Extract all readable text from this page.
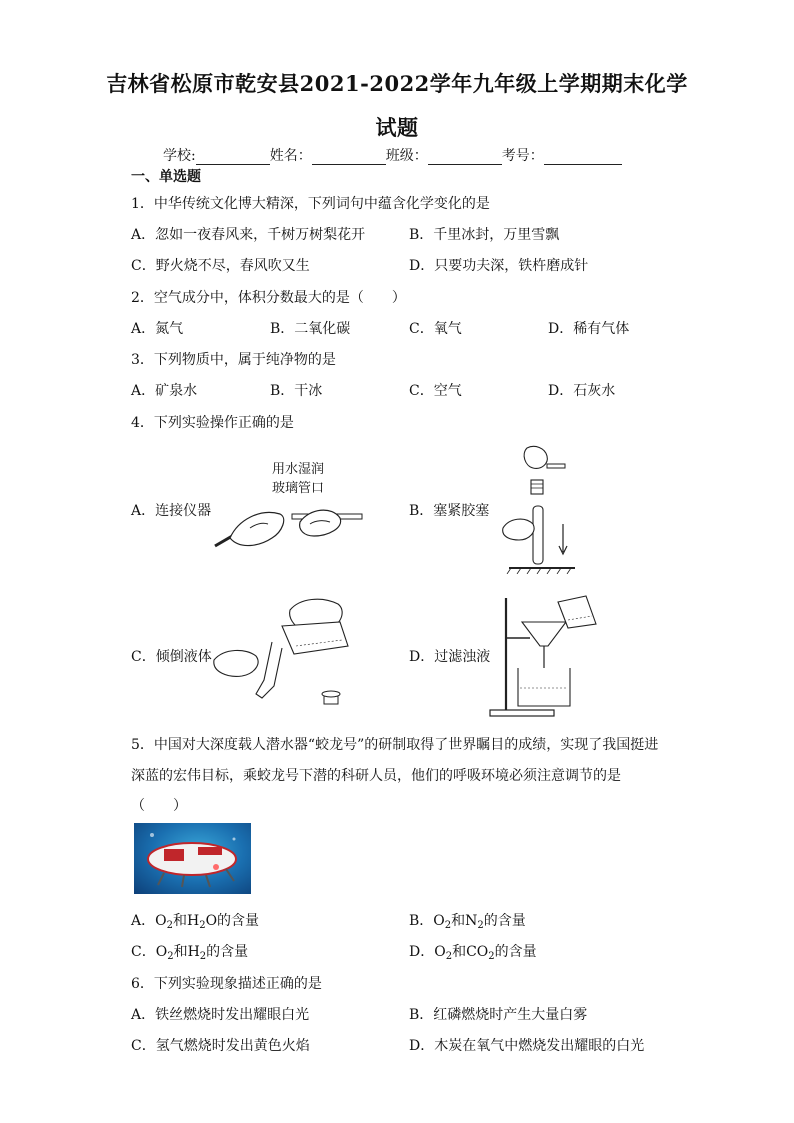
吉林省松原市乾安县2021-2022学年九年级上学期期末化学
试题
学校:	姓名：	班级：	考号：
一、单选题
1．中华传统文化博大精深，下列词句中蕴含化学变化的是
A．忽如一夜春风来，千树万树梨花开	B．千里冰封，万里雪飘
C．野火烧不尽，春风吹又生	D．只要功夫深，铁杵磨成针
2．空气成分中，体积分数最大的是（　　）
A．氮气	B．二氧化碳	C．氧气	D．稀有气体
3．下列物质中，属于纯净物的是
A．矿泉水	B．干冰	C．空气	D．石灰水
4．下列实验操作正确的是
A．连接仪器
用水湿润
玻璃管口
B．塞紧胶塞
C．倾倒液体	D．过滤浊液
5．中国对大深度载人潜水器“蛟龙号”的研制取得了世界瞩目的成绩，实现了我国挺进
深蓝的宏伟目标，乘蛟龙号下潜的科研人员，他们的呼吸环境必须注意调节的是
（　　）
A．$O_2$和$H_2O$的含量	B．$O_2$和$N_2$的含量
C．$O_2$和$H_2$的含量	D．$O_2$和$CO_2$的含量
6．下列实验现象描述正确的是
A．铁丝燃烧时发出耀眼白光	B．红磷燃烧时产生大量白雾
C．氢气燃烧时发出黄色火焰	D．木炭在氧气中燃烧发出耀眼的白光
